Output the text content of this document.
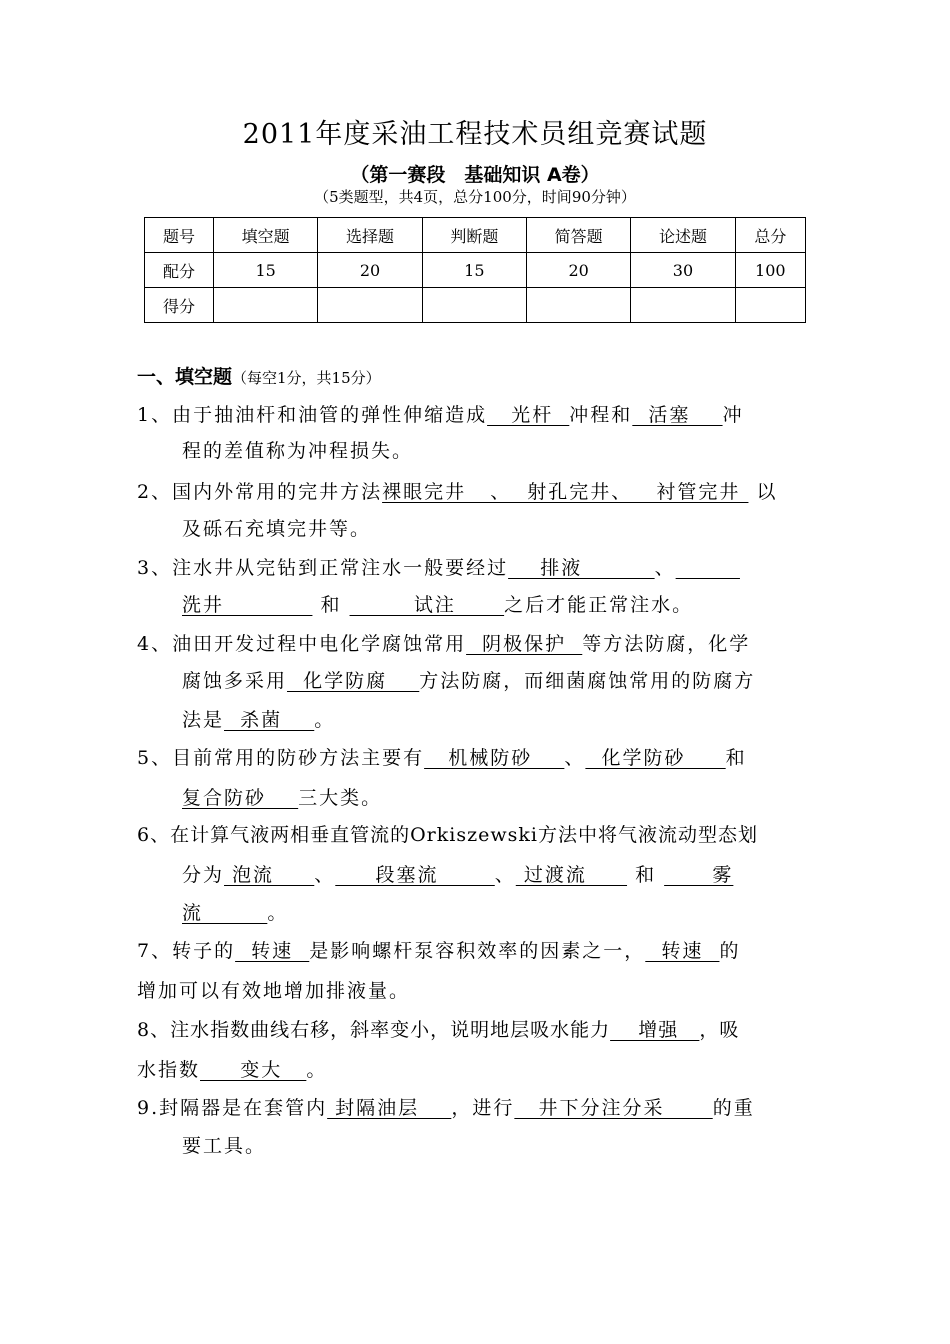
2011年度采油工程技术员组竞赛试题
（第一赛段　基础知识 A卷）
（5类题型，共4页，总分100分，时间90分钟）
题号	填空题	选择题	判断题	简答题	论述题	总分
配分	15	20	15	20	30	100
得分						
一、填空题（每空1分，共15分）
1、由于抽油杆和油管的弹性伸缩造成   光杆  冲程和  活塞    冲
程的差值称为冲程损失。
2、国内外常用的完井方法裸眼完井   、  射孔完井、   衬管完井  以
及砾石充填完井等。
3、注水井从完钻到正常注水一般要经过    排液         、
洗井            和         试注      之后才能正常注水。
4、油田开发过程中电化学腐蚀常用  阴极保护  等方法防腐，化学
腐蚀多采用  化学防腐    方法防腐，而细菌腐蚀常用的防腐方
法是  杀菌    。
5、目前常用的防砂方法主要有   机械防砂    、  化学防砂     和
复合防砂    三大类。
6、在计算气液两相垂直管流的Orkiszewski方法中将气液流动型态划
分为 泡流     、     段塞流       、 过渡流      和       雾
流        。
7、转子的  转速  是影响螺杆泵容积效率的因素之一，  转速  的
增加可以有效地增加排液量。
8、注水指数曲线右移，斜率变小，说明地层吸水能力    增强   ，吸
水指数     变大   。
9.封隔器是在套管内 封隔油层    ，进行   井下分注分采      的重
要工具。
